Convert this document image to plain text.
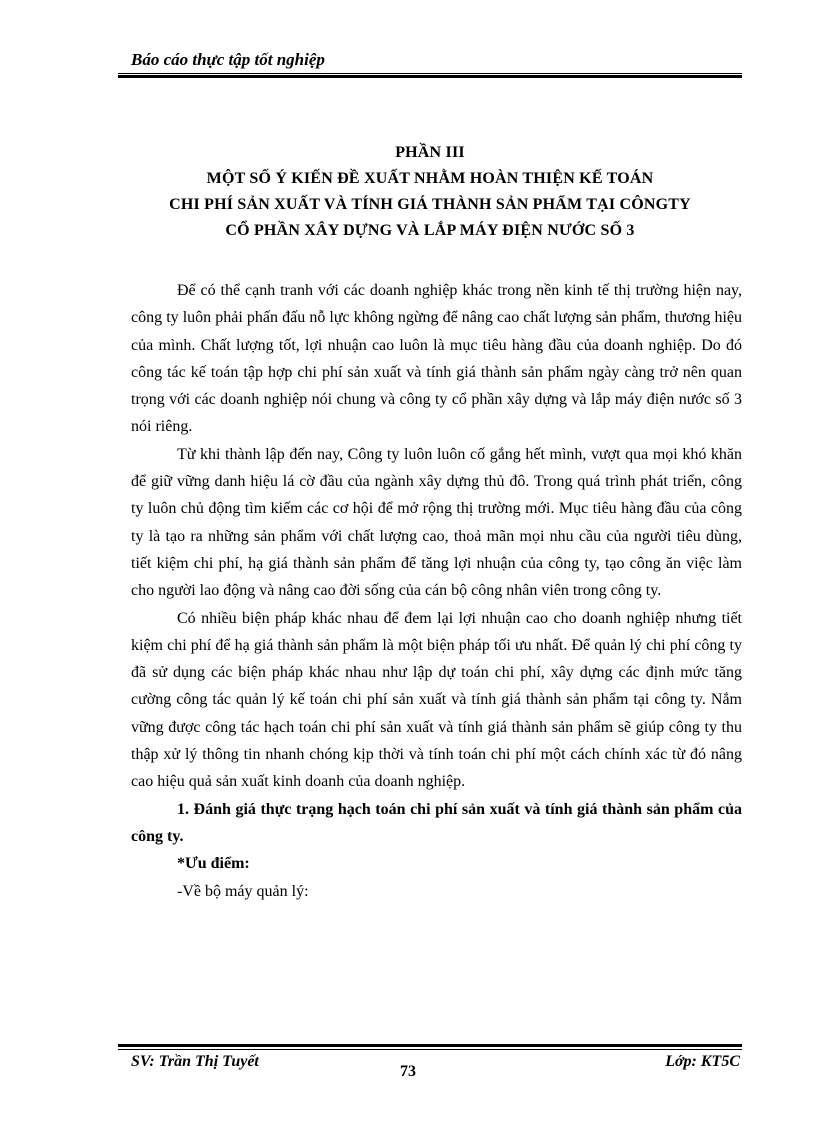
Báo cáo thực tập tốt nghiệp
PHẦN III
MỘT SỐ Ý KIẾN ĐỀ XUẤT NHẰM HOÀN THIỆN KẾ TOÁN
CHI PHÍ SẢN XUẤT VÀ TÍNH GIÁ THÀNH SẢN PHẨM TẠI CÔNGTY
CỔ PHẦN XÂY DỰNG VÀ LẮP MÁY ĐIỆN NƯỚC SỐ 3

Để có thể cạnh tranh với các doanh nghiệp khác trong nền kinh tế thị trường hiện nay, công ty luôn phải phấn đấu nỗ lực không ngừng để nâng cao chất lượng sản phẩm, thương hiệu của mình. Chất lượng tốt, lợi nhuận cao luôn là mục tiêu hàng đầu của doanh nghiệp. Do đó công tác kế toán tập hợp chi phí sản xuất và tính giá thành sản phẩm ngày càng trở nên quan trọng với các doanh nghiệp nói chung và công ty cổ phần xây dựng và lắp máy điện nước số 3 nói riêng.

Từ khi thành lập đến nay, Công ty luôn luôn cố gắng hết mình, vượt qua mọi khó khăn để giữ vững danh hiệu lá cờ đầu của ngành xây dựng thủ đô. Trong quá trình phát triển, công ty luôn chủ động tìm kiếm các cơ hội để mở rộng thị trường mới. Mục tiêu hàng đầu của công ty là tạo ra những sản phẩm với chất lượng cao, thoả mãn mọi nhu cầu của người tiêu dùng, tiết kiệm chi phí, hạ giá thành sản phẩm để tăng lợi nhuận của công ty, tạo công ăn việc làm cho người lao động và nâng cao đời sống của cán bộ công nhân viên trong công ty.

Có nhiều biện pháp khác nhau để đem lại lợi nhuận cao cho doanh nghiệp nhưng tiết kiệm chi phí để hạ giá thành sản phẩm là một biện pháp tối ưu nhất. Để quản lý chi phí công ty đã sử dụng các biện pháp khác nhau như lập dự toán chi phí, xây dựng các định mức tăng cường công tác quản lý kế toán chi phí sản xuất và tính giá thành sản phẩm tại công ty. Nắm vững được công tác hạch toán chi phí sản xuất và tính giá thành sản phẩm sẽ giúp công ty thu thập xử lý thông tin nhanh chóng kịp thời và tính toán chi phí một cách chính xác từ đó nâng cao hiệu quả sản xuất kinh doanh của doanh nghiệp.

1. Đánh giá thực trạng hạch toán chi phí sản xuất và tính giá thành sản phẩm của công ty.

*Ưu điểm:

-Về bộ máy quản lý:

SV: Trần Thị Tuyết
73
Lớp: KT5C
